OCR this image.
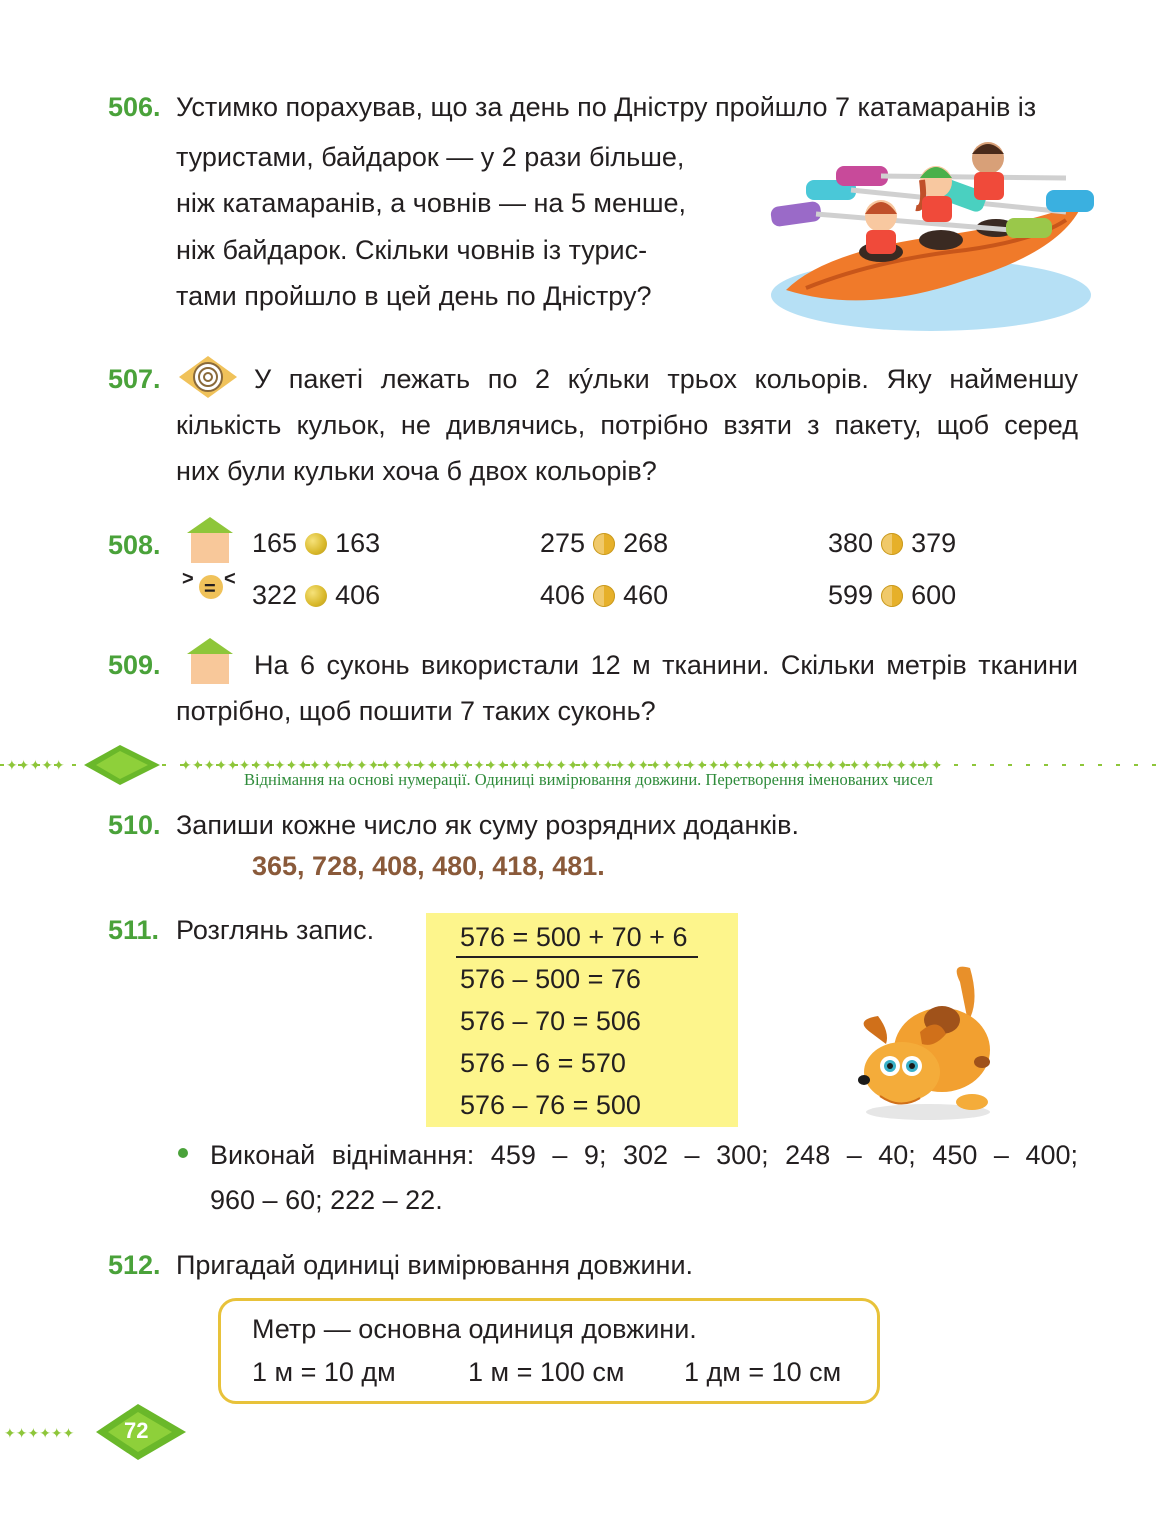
506. Устимко порахував, що за день по Дністру пройшло 7 катамаранів із
туристами, байдарок — у 2 рази більше,
ніж катамаранів, а човнів — на 5 менше,
ніж байдарок. Скільки човнів із турис-
тами пройшло в цей день по Дністру?
507.	У пакеті лежать по 2 кýльки трьох кольорів. Яку найменшу
кількість кульок, не дивлячись, потрібно взяти з пакету, щоб серед
них були кульки хоча б двох кольорів?
508.
> = <
165 163	275 268	380 379
322 406	406 460	599 600
509.	На 6 суконь використали 12 м тканини. Скільки метрів тканини
потрібно, щоб пошити 7 таких суконь?
✦✦✦✦✦	✦✦✦✦✦✦✦✦✦✦✦✦✦✦✦✦✦✦✦✦✦✦✦✦✦✦✦✦✦✦✦✦✦✦✦✦✦✦✦✦✦✦✦✦✦✦✦✦✦✦✦✦✦✦✦✦✦✦✦✦✦✦✦✦✦
Віднімання на основі нумерації. Одиниці вимірювання довжини. Перетворення іменованих чисел
510. Запиши кожне число як суму розрядних доданків.
365, 728, 408, 480, 418, 481.
511. Розглянь запис.	576 = 500 + 70 + 6
576 – 500 = 76
576 – 70 = 506
576 – 6 = 570
576 – 76 = 500
Виконай віднімання: 459 – 9; 302 – 300; 248 – 40; 450 – 400;
960 – 60; 222 – 22.
512. Пригадай одиниці вимірювання довжини.
Метр — основна одиниця довжини.
1 м = 10 дм	1 м = 100 см 1 дм = 10 см
✦✦✦✦✦✦ 72
